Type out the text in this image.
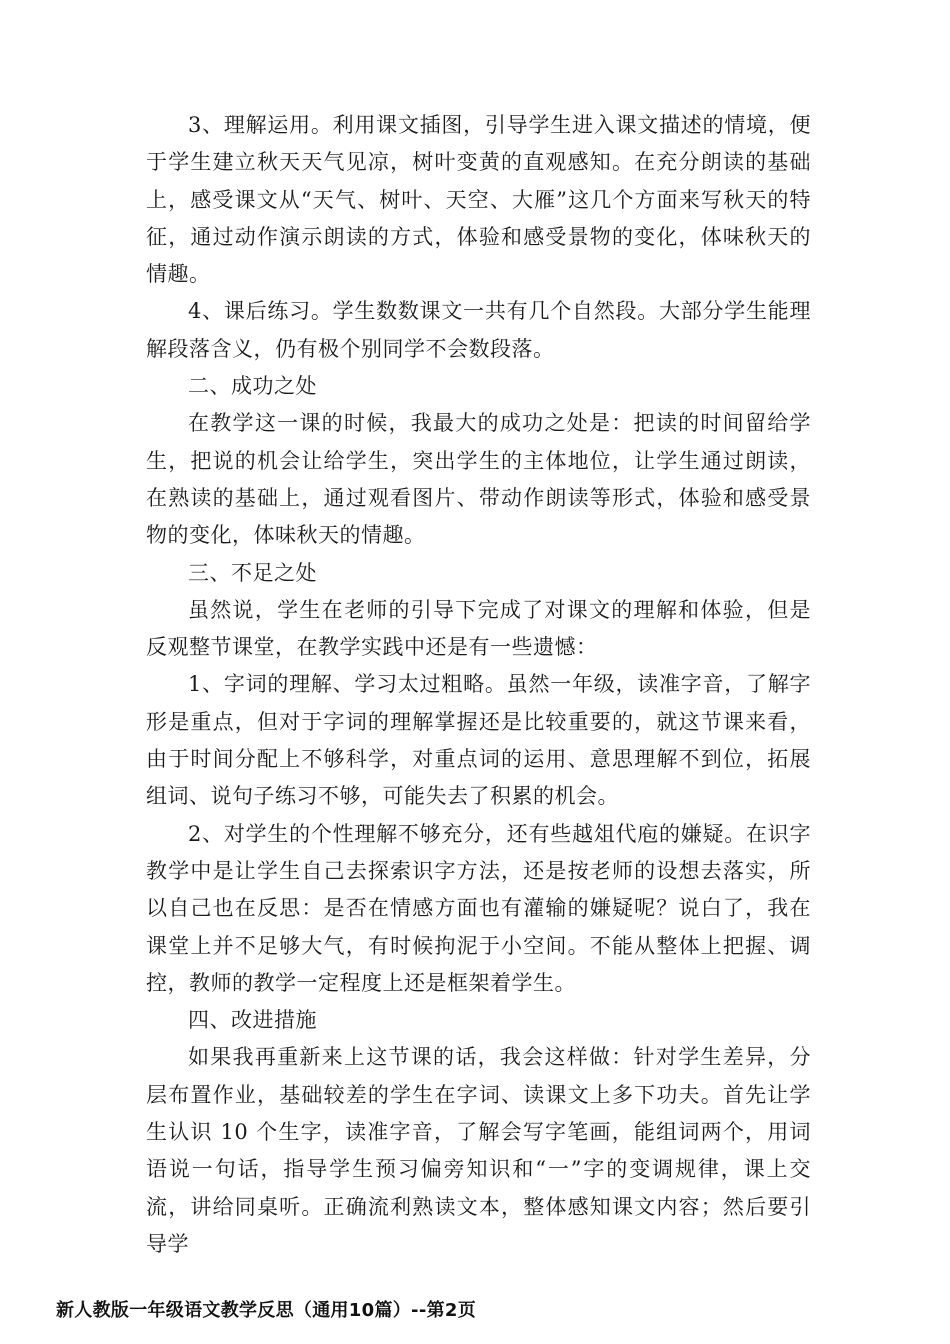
3、理解运用。利用课文插图，引导学生进入课文描述的情境，便于学生建立秋天天气见凉，树叶变黄的直观感知。在充分朗读的基础上，感受课文从“天气、树叶、天空、大雁”这几个方面来写秋天的特征，通过动作演示朗读的方式，体验和感受景物的变化，体味秋天的情趣。

4、课后练习。学生数数课文一共有几个自然段。大部分学生能理解段落含义，仍有极个别同学不会数段落。

二、成功之处

在教学这一课的时候，我最大的成功之处是：把读的时间留给学生，把说的机会让给学生，突出学生的主体地位，让学生通过朗读，在熟读的基础上，通过观看图片、带动作朗读等形式，体验和感受景物的变化，体味秋天的情趣。

三、不足之处

虽然说，学生在老师的引导下完成了对课文的理解和体验，但是反观整节课堂，在教学实践中还是有一些遗憾：

1、字词的理解、学习太过粗略。虽然一年级，读准字音，了解字形是重点，但对于字词的理解掌握还是比较重要的，就这节课来看，由于时间分配上不够科学，对重点词的运用、意思理解不到位，拓展组词、说句子练习不够，可能失去了积累的机会。

2、对学生的个性理解不够充分，还有些越俎代庖的嫌疑。在识字教学中是让学生自己去探索识字方法，还是按老师的设想去落实，所以自己也在反思：是否在情感方面也有灌输的嫌疑呢？说白了，我在课堂上并不足够大气，有时候拘泥于小空间。不能从整体上把握、调控，教师的教学一定程度上还是框架着学生。

四、改进措施

如果我再重新来上这节课的话，我会这样做：针对学生差异，分层布置作业，基础较差的学生在字词、读课文上多下功夫。首先让学生认识 10 个生字，读准字音，了解会写字笔画，能组词两个，用词语说一句话，指导学生预习偏旁知识和“一”字的变调规律，课上交流，讲给同桌听。正确流利熟读文本，整体感知课文内容；然后要引导学

新人教版一年级语文教学反思（通用10篇）--第2页
